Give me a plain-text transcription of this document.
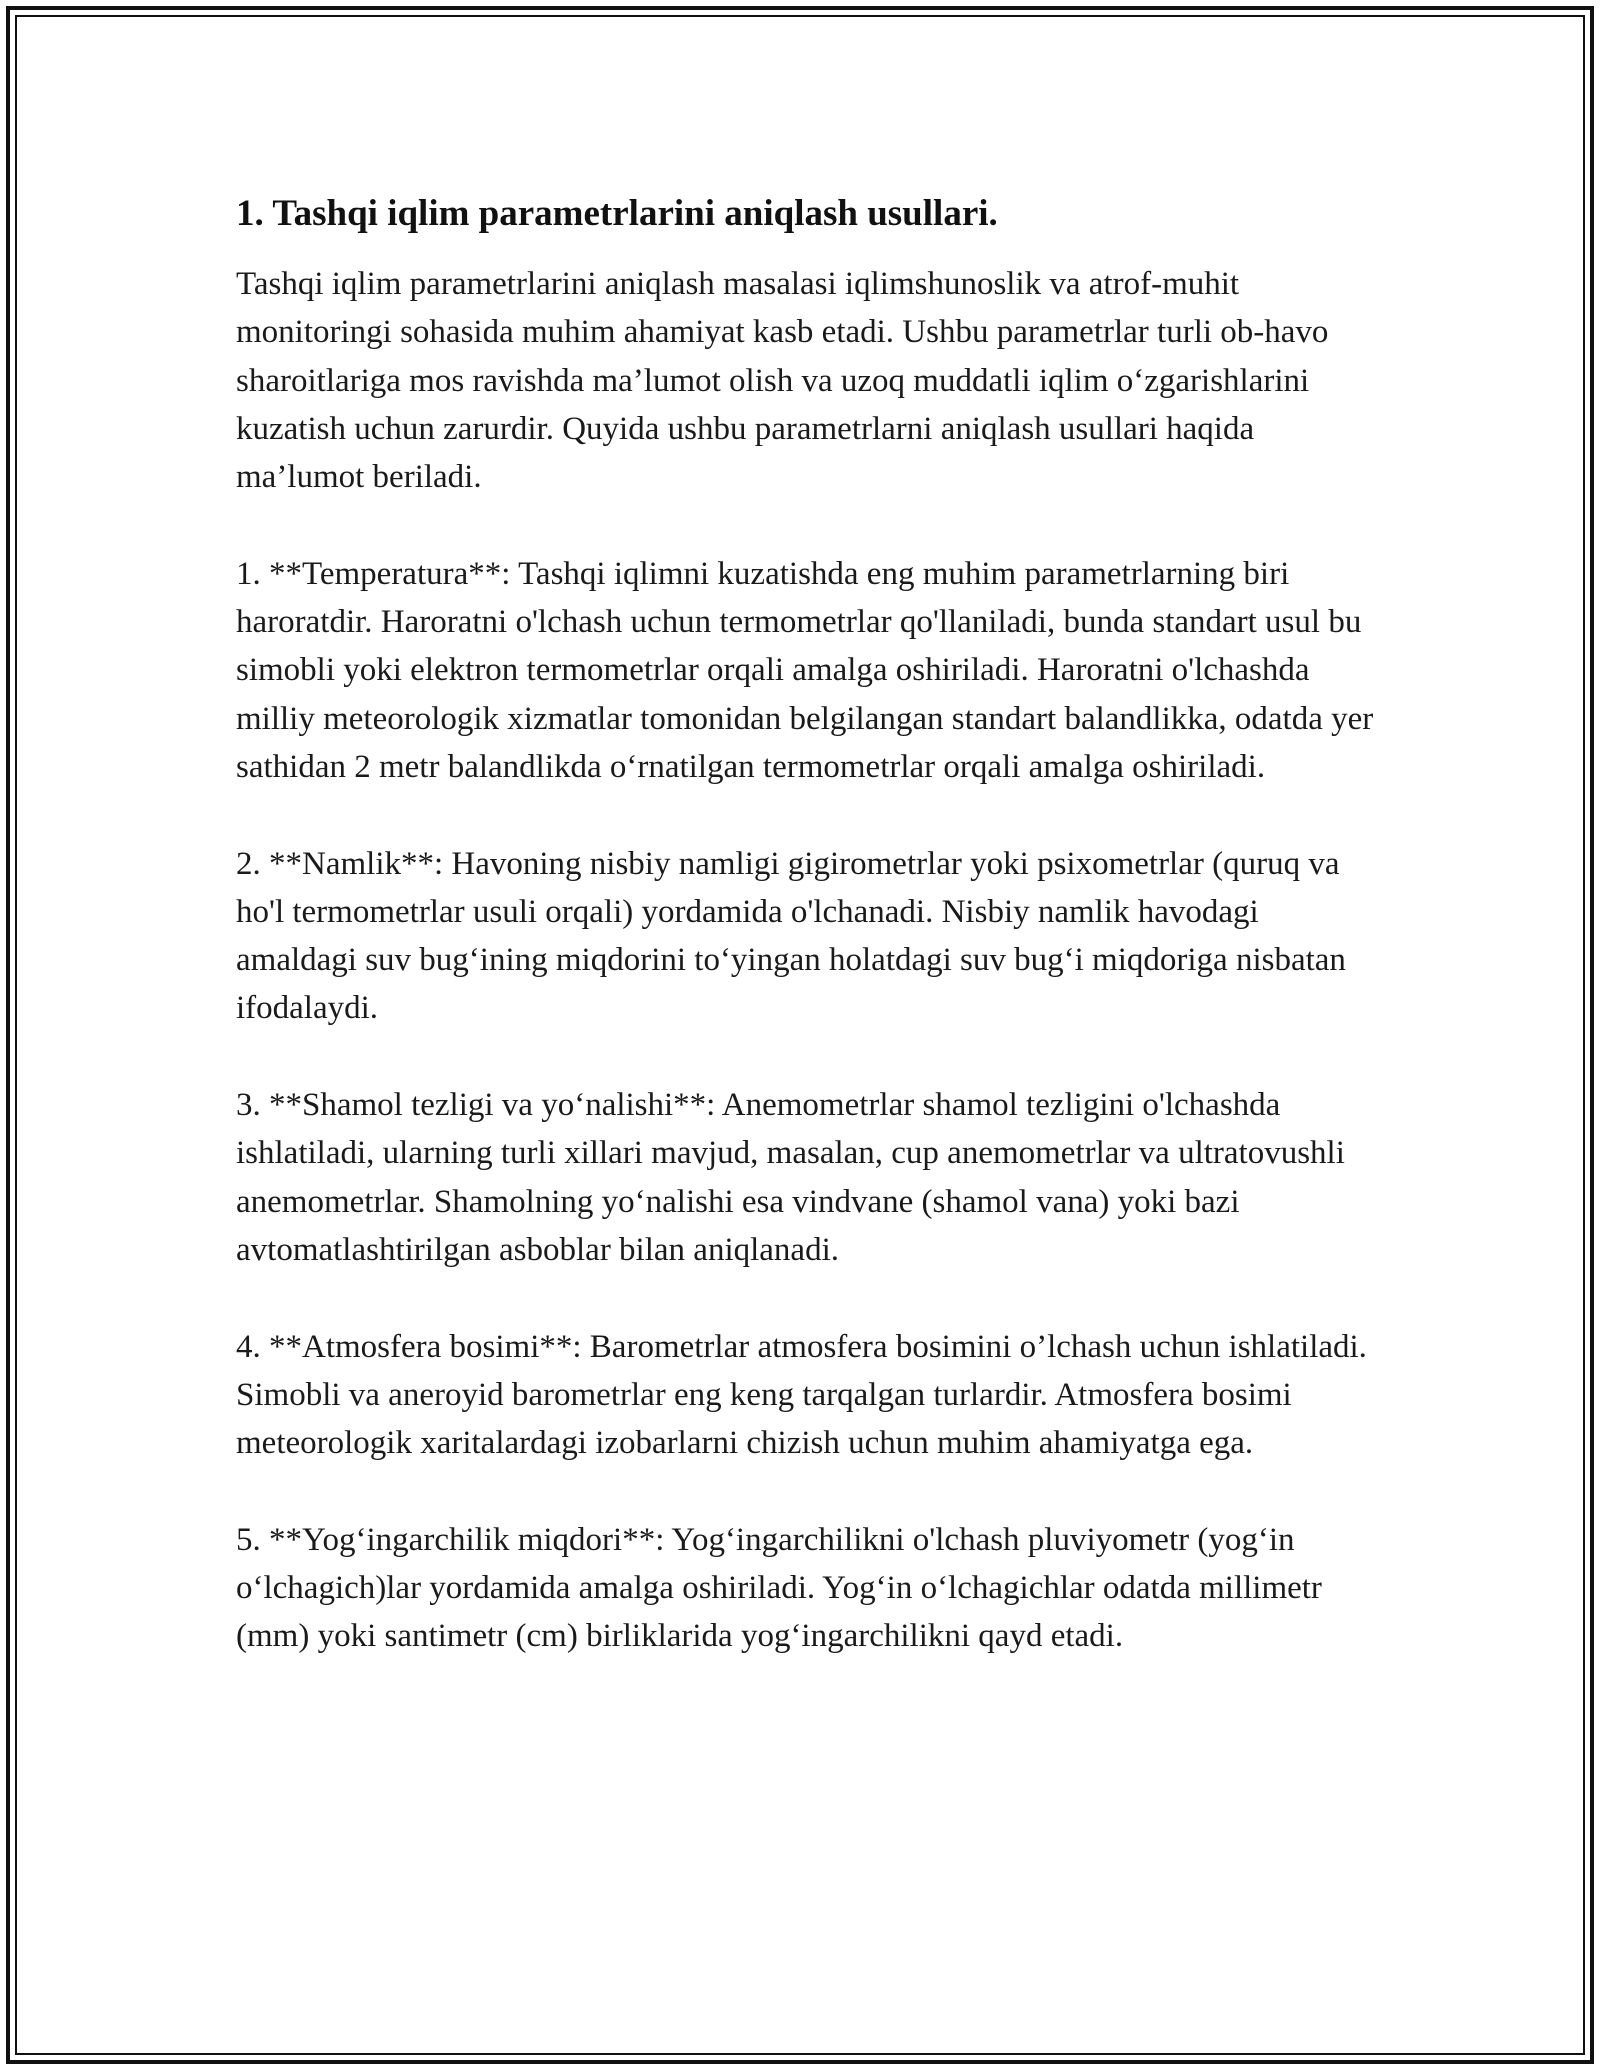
1. Tashqi iqlim parametrlarini aniqlash usullari.

Tashqi iqlim parametrlarini aniqlash masalasi iqlimshunoslik va atrof-muhit monitoringi sohasida muhim ahamiyat kasb etadi. Ushbu parametrlar turli ob-havo sharoitlariga mos ravishda ma’lumot olish va uzoq muddatli iqlim o‘zgarishlarini kuzatish uchun zarurdir. Quyida ushbu parametrlarni aniqlash usullari haqida ma’lumot beriladi.

1. **Temperatura**: Tashqi iqlimni kuzatishda eng muhim parametrlarning biri haroratdir. Haroratni o'lchash uchun termometrlar qo'llaniladi, bunda standart usul bu simobli yoki elektron termometrlar orqali amalga oshiriladi. Haroratni o'lchashda milliy meteorologik xizmatlar tomonidan belgilangan standart balandlikka, odatda yer sathidan 2 metr balandlikda o‘rnatilgan termometrlar orqali amalga oshiriladi.

2. **Namlik**: Havoning nisbiy namligi gigirometrlar yoki psixometrlar (quruq va ho'l termometrlar usuli orqali) yordamida o'lchanadi. Nisbiy namlik havodagi amaldagi suv bug‘ining miqdorini to‘yingan holatdagi suv bug‘i miqdoriga nisbatan ifodalaydi.

3. **Shamol tezligi va yo‘nalishi**: Anemometrlar shamol tezligini o'lchashda ishlatiladi, ularning turli xillari mavjud, masalan, cup anemometrlar va ultratovushli anemometrlar. Shamolning yo‘nalishi esa vindvane (shamol vana) yoki bazi avtomatlashtirilgan asboblar bilan aniqlanadi.

4. **Atmosfera bosimi**: Barometrlar atmosfera bosimini o’lchash uchun ishlatiladi. Simobli va aneroyid barometrlar eng keng tarqalgan turlardir. Atmosfera bosimi meteorologik xaritalardagi izobarlarni chizish uchun muhim ahamiyatga ega.

5. **Yog‘ingarchilik miqdori**: Yog‘ingarchilikni o'lchash pluviyometr (yog‘in o‘lchagich)lar yordamida amalga oshiriladi. Yog‘in o‘lchagichlar odatda millimetr (mm) yoki santimetr (cm) birliklarida yog‘ingarchilikni qayd etadi.
